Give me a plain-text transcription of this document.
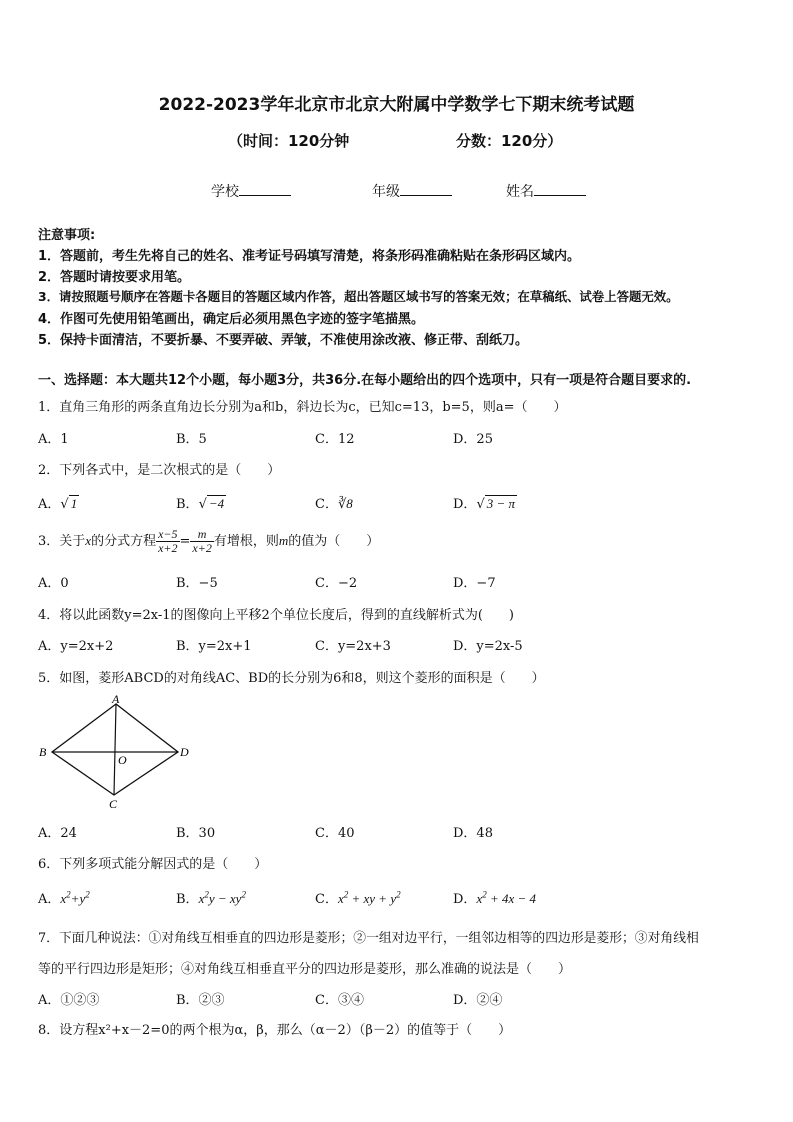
2022-2023学年北京市北京大附属中学数学七下期末统考试题
（时间：120分钟	分数：120分）
学校	年级	姓名
注意事项:
1．答题前，考生先将自己的姓名、准考证号码填写清楚，将条形码准确粘贴在条形码区域内。
2．答题时请按要求用笔。
3．请按照题号顺序在答题卡各题目的答题区域内作答，超出答题区域书写的答案无效；在草稿纸、试卷上答题无效。
4．作图可先使用铅笔画出，确定后必须用黑色字迹的签字笔描黑。
5．保持卡面清洁，不要折暴、不要弄破、弄皱，不准使用涂改液、修正带、刮纸刀。
一、选择题：本大题共12个小题，每小题3分，共36分.在每小题给出的四个选项中，只有一项是符合题目要求的.
1．直角三角形的两条直角边长分别为a和b，斜边长为c，已知c=13，b=5，则a=（　　）
A．1	B．5	C．12	D．25
2．下列各式中，是二次根式的是（　　）
A．√ 1	B．√ −4	C．∛8	D．√ 3 − π
3．关于x的分式方程 $\frac{x-5}{x+2} = \frac{m}{x+2}$ 有增根，则m的值为（　　）
A．0	B．−5	C．−2	D．−7
4．将以此函数y=2x-1的图像向上平移2个单位长度后，得到的直线解析式为(　　)
A．y=2x+2	B．y=2x+1	C．y=2x+3	D．y=2x-5
5．如图，菱形ABCD的对角线AC、BD的长分别为6和8，则这个菱形的面积是（　　）
A
B
C
D
O
A．24	B．30	C．40	D．48
6．下列多项式能分解因式的是（　　）
A．$x^2+y^2$	B．$x^2y - xy^2$	C．$x^2$ + xy + $y^2$	D．$x^2 + 4x - 4$
7．下面几种说法：①对角线互相垂直的四边形是菱形；②一组对边平行，一组邻边相等的四边形是菱形；③对角线相
等的平行四边形是矩形；④对角线互相垂直平分的四边形是菱形，那么准确的说法是（　　）
A．①②③	B．②③	C．③④	D．②④
8．设方程x²+x－2=0的两个根为α，β，那么（α－2）（β－2）的值等于（　　）
